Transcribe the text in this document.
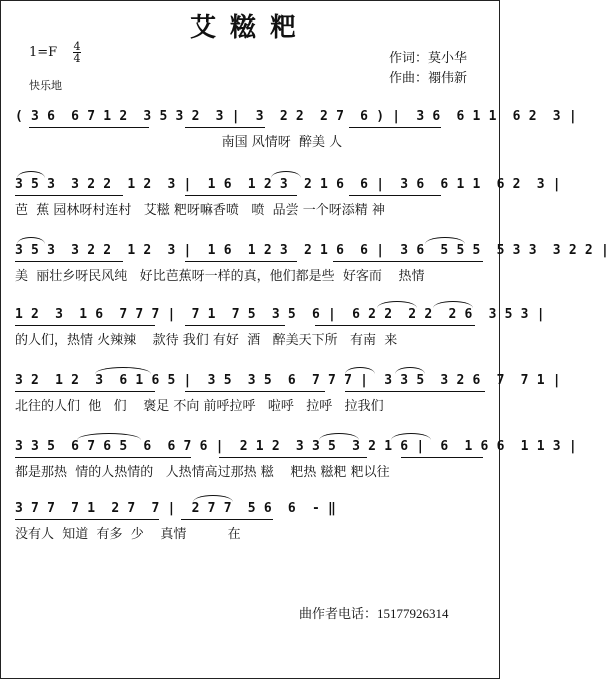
艾糍粑
1=F 4
4
快乐地
作词：莫小华
作曲：禤伟新
( 3 6  6 7 1 2  3 5 3 2  3 |  3  2 2  2 7  6 ) |  3 6  6 1 1  6 2  3 |
南国 风情呀  醉美 人
3 5 3  3 2 2  1 2  3 |  1 6  1 2 3  2 1 6  6 |  3 6  6 1 1  6 2  3 |
芭  蕉 园林呀村连村   艾糍 粑呀嘛香喷   喷  品尝 一个呀添精 神
3 5 3  3 2 2  1 2  3 |  1 6  1 2 3  2 1 6  6 |  3 6  5 5 5  5 3 3  3 2 2 |
美  丽壮乡呀民风纯   好比芭蕉呀一样的真，他们都是些  好客而    热情
1 2  3  1 6  7 7 7 |  7 1  7 5  3 5  6 |  6 2 2  2 2  2 6  3 5 3 |
的人们，热情 火辣辣    款待 我们 有好  酒   醉美天下所   有南  来
3 2  1 2  3  6 1 6 5 |  3 5  3 5  6  7 7 7 |  3 3 5  3 2 6  7  7 1 |
北往的人们  他   们    褒足 不向 前呼拉呼   啦呼   拉呼   拉我们
3 3 5  6 7 6 5  6  6 7 6 |  2 1 2  3 3 5  3 2 1 6 |  6  1 6 6  1 1 3 |
都是那热  情的人热情的   人热情高过那热 糍    粑热 糍粑 粑以往
3 7 7  7 1  2 7  7 |  2 7 7  5 6  6  - ‖
没有人  知道  有多  少    真情          在
曲作者电话：15177926314
